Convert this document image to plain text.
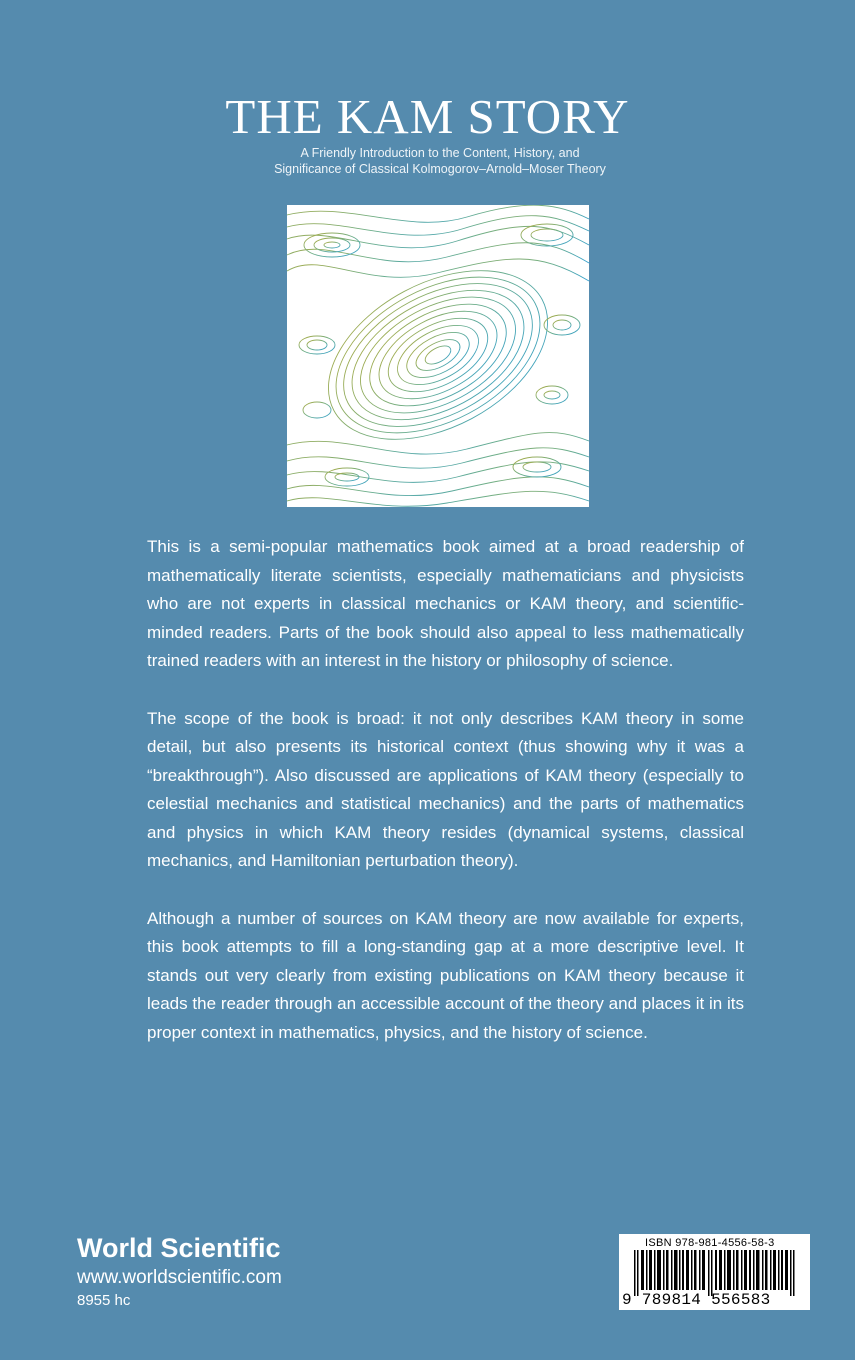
THE KAM STORY
A Friendly Introduction to the Content, History, and
Significance of Classical Kolmogorov–Arnold–Moser Theory

This is a semi-popular mathematics book aimed at a broad readership of mathematically literate scientists, especially mathematicians and physicists who are not experts in classical mechanics or KAM theory, and scientific-minded readers. Parts of the book should also appeal to less mathematically trained readers with an interest in the history or philosophy of science.

The scope of the book is broad: it not only describes KAM theory in some detail, but also presents its historical context (thus showing why it was a “breakthrough”). Also discussed are applications of KAM theory (especially to celestial mechanics and statistical mechanics) and the parts of mathematics and physics in which KAM theory resides (dynamical systems, classical mechanics, and Hamiltonian perturbation theory).

Although a number of sources on KAM theory are now available for experts, this book attempts to fill a long-standing gap at a more descriptive level. It stands out very clearly from existing publications on KAM theory because it leads the reader through an accessible account of the theory and places it in its proper context in mathematics, physics, and the history of science.

World Scientific
www.worldscientific.com
8955 hc
ISBN 978-981-4556-58-3
9 789814 556583
